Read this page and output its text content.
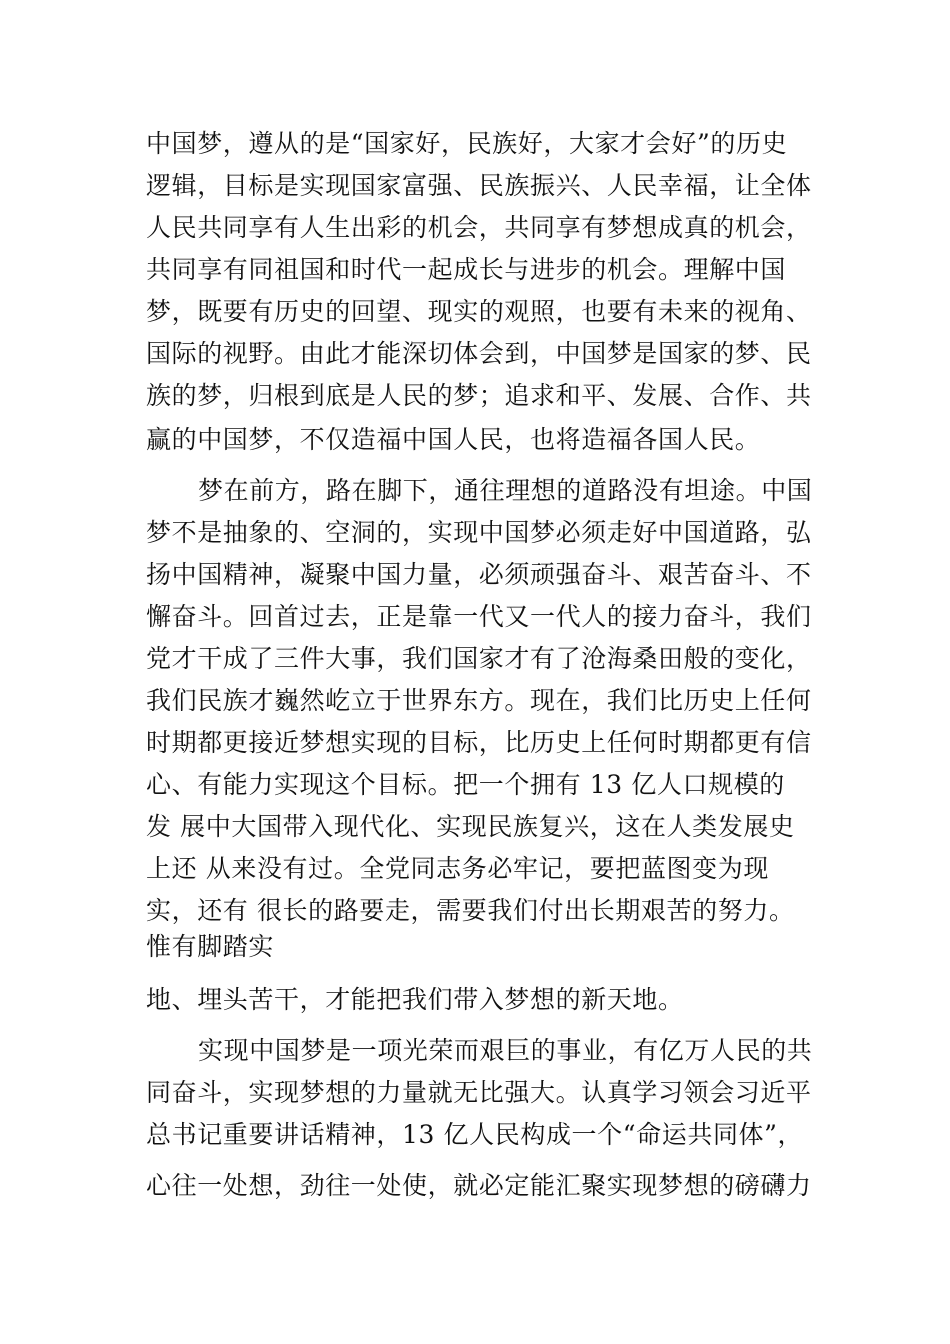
中国梦，遵从的是“国家好，民族好，大家才会好”的历史
逻辑，目标是实现国家富强、民族振兴、人民幸福，让全体
人民共同享有人生出彩的机会，共同享有梦想成真的机会，
共同享有同祖国和时代一起成长与进步的机会。理解中国
梦，既要有历史的回望、现实的观照，也要有未来的视角、
国际的视野。由此才能深切体会到，中国梦是国家的梦、民
族的梦，归根到底是人民的梦；追求和平、发展、合作、共
赢的中国梦，不仅造福中国人民，也将造福各国人民。
梦在前方，路在脚下，通往理想的道路没有坦途。中国
梦不是抽象的、空洞的，实现中国梦必须走好中国道路，弘
扬中国精神，凝聚中国力量，必须顽强奋斗、艰苦奋斗、不
懈奋斗。回首过去，正是靠一代又一代人的接力奋斗，我们
党才干成了三件大事，我们国家才有了沧海桑田般的变化，
我们民族才巍然屹立于世界东方。现在，我们比历史上任何
时期都更接近梦想实现的目标，比历史上任何时期都更有信
心、有能力实现这个目标。把一个拥有 13 亿人口规模的
发 展中大国带入现代化、实现民族复兴，这在人类发展史
上还 从来没有过。全党同志务必牢记，要把蓝图变为现
实，还有 很长的路要走，需要我们付出长期艰苦的努力。
惟有脚踏实
地、埋头苦干，才能把我们带入梦想的新天地。
实现中国梦是一项光荣而艰巨的事业，有亿万人民的共
同奋斗，实现梦想的力量就无比强大。认真学习领会习近平
总书记重要讲话精神，13 亿人民构成一个“命运共同体”，
心往一处想，劲往一处使，就必定能汇聚实现梦想的磅礴力
